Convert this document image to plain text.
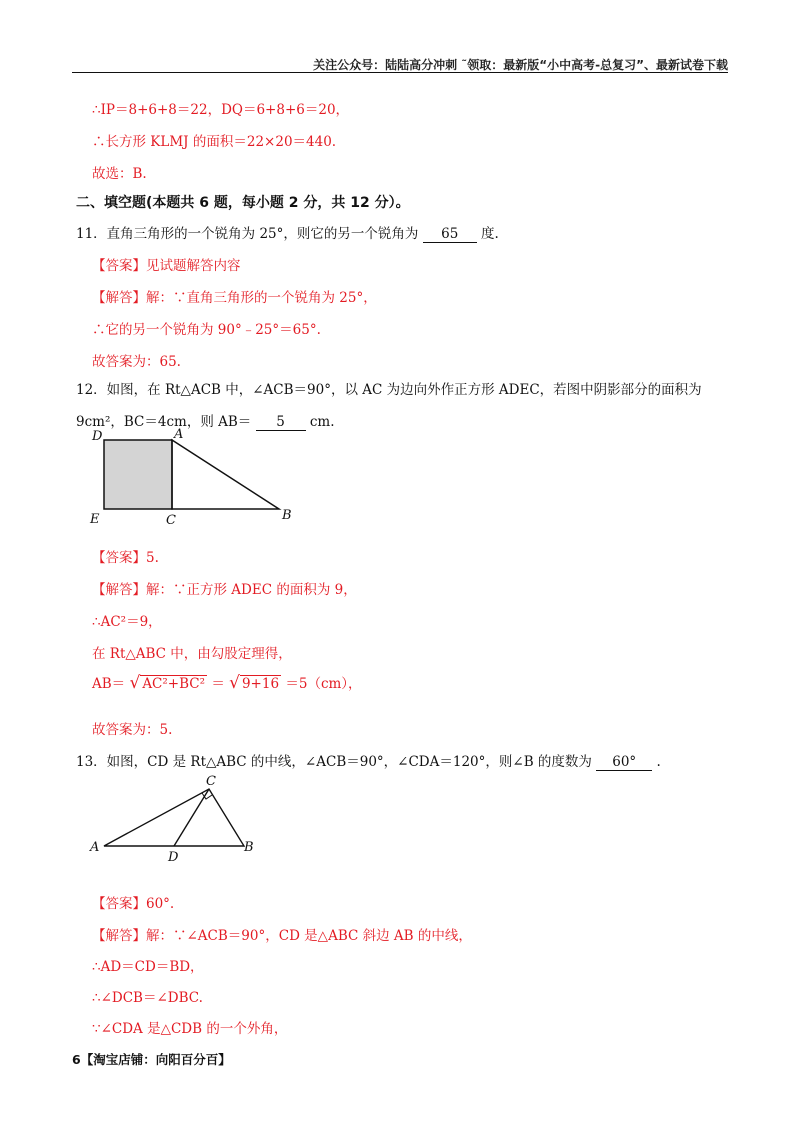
关注公众号：陆陆高分冲刺 ˜领取：最新版“小中高考-总复习”、最新试卷下载
∴IP＝8+6+8＝22，DQ＝6+8+6＝20，
∴长方形 KLMJ 的面积＝22×20＝440.
故选：B.
二、填空题(本题共 6 题，每小题 2 分，共 12 分）。
11．直角三角形的一个锐角为 25°，则它的另一个锐角为 65 度.
【答案】见试题解答内容
【解答】解：∵直角三角形的一个锐角为 25°，
∴它的另一个锐角为 90°﹣25°＝65°.
故答案为：65.
12．如图，在 Rt△ACB 中，∠ACB＝90°，以 AC 为边向外作正方形 ADEC，若图中阴影部分的面积为
9cm²，BC＝4cm，则 AB＝ 5 cm.
D	A
E	C	B
【答案】5.
【解答】解：∵正方形 ADEC 的面积为 9，
∴AC²＝9，
在 Rt△ABC 中，由勾股定理得，
AB＝ √ AC²+BC² ＝ √ 9+16 ＝5（cm），
故答案为：5.
13．如图，CD 是 Rt△ABC 的中线，∠ACB＝90°，∠CDA＝120°，则∠B 的度数为 60° .
C
A
D
B
【答案】60°.
【解答】解：∵∠ACB＝90°，CD 是△ABC 斜边 AB 的中线，
∴AD＝CD＝BD，
∴∠DCB＝∠DBC.
∵∠CDA 是△CDB 的一个外角，
6【淘宝店铺：向阳百分百】
